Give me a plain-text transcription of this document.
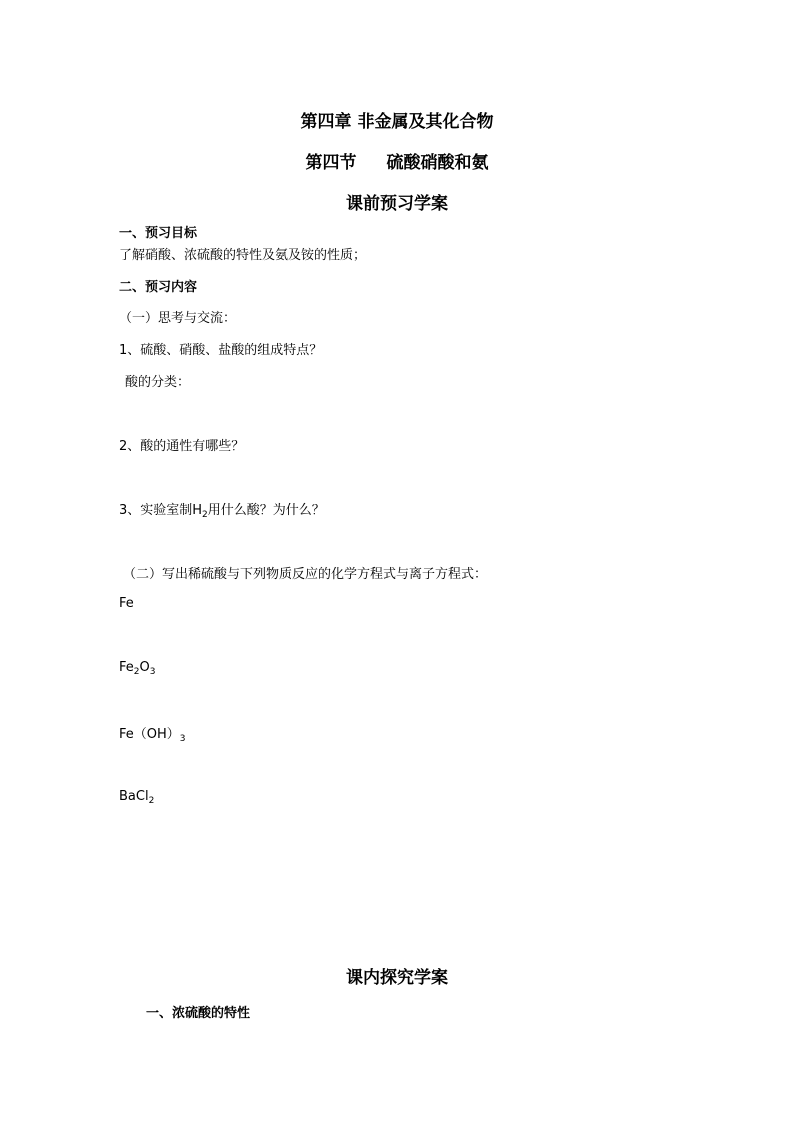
第四章 非金属及其化合物
第四节 硫酸硝酸和氨
课前预习学案
一、预习目标
了解硝酸、浓硫酸的特性及氨及铵的性质；
二、预习内容
（一）思考与交流：
1、硫酸、硝酸、盐酸的组成特点？
酸的分类：
2、酸的通性有哪些？
3、实验室制$H_2$用什么酸？为什么？
（二）写出稀硫酸与下列物质反应的化学方程式与离子方程式：
Fe
$Fe_2O_3$
$Fe(OH)_3$
BaCl$_2$
课内探究学案
一、浓硫酸的特性
